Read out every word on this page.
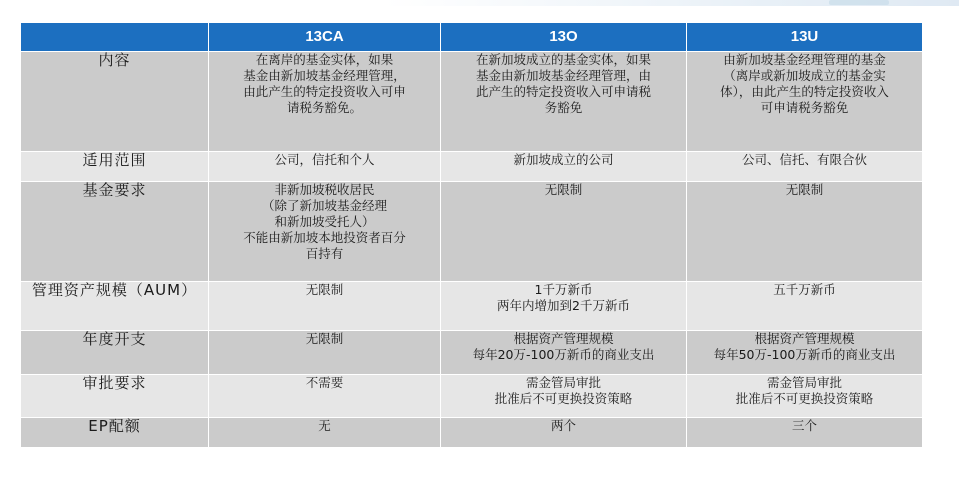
	13CA	13O	13U
内容	在离岸的基金实体，如果
基金由新加坡基金经理管理，
由此产生的特定投资收入可申
请税务豁免。	在新加坡成立的基金实体，如果
基金由新加坡基金经理管理，由
此产生的特定投资收入可申请税
务豁免	由新加坡基金经理管理的基金
（离岸或新加坡成立的基金实
体），由此产生的特定投资收入
可申请税务豁免
适用范围	公司，信托和个人	新加坡成立的公司	公司、信托、有限合伙
基金要求	非新加坡税收居民
（除了新加坡基金经理
和新加坡受托人）
不能由新加坡本地投资者百分
百持有	无限制	无限制
管理资产规模（AUM）	无限制	1千万新币
两年内增加到2千万新币	五千万新币
年度开支	无限制	根据资产管理规模
每年20万-100万新币的商业支出	根据资产管理规模
每年50万-100万新币的商业支出
审批要求	不需要	需金管局审批
批准后不可更换投资策略	需金管局审批
批准后不可更换投资策略
EP配额	无	两个	三个
